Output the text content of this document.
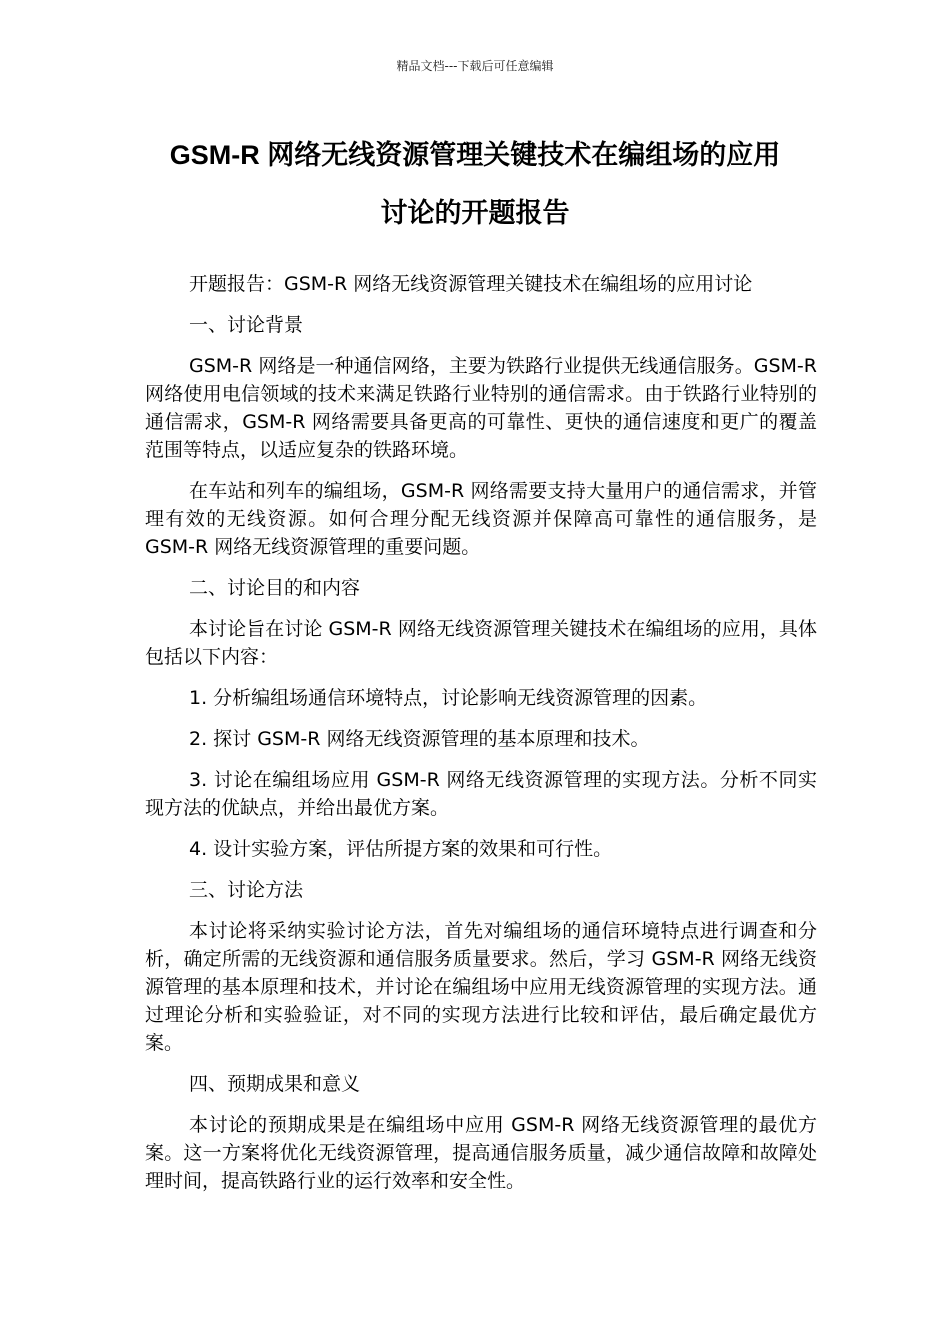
精品文档---下载后可任意编辑
GSM-R 网络无线资源管理关键技术在编组场的应用
讨论的开题报告

开题报告：GSM-R 网络无线资源管理关键技术在编组场的应用讨论

一、讨论背景

GSM-R 网络是一种通信网络，主要为铁路行业提供无线通信服务。GSM-R 网络使用电信领域的技术来满足铁路行业特别的通信需求。由于铁路行业特别的通信需求，GSM-R 网络需要具备更高的可靠性、更快的通信速度和更广的覆盖范围等特点，以适应复杂的铁路环境。

在车站和列车的编组场，GSM-R 网络需要支持大量用户的通信需求，并管理有效的无线资源。如何合理分配无线资源并保障高可靠性的通信服务，是 GSM-R 网络无线资源管理的重要问题。

二、讨论目的和内容

本讨论旨在讨论 GSM-R 网络无线资源管理关键技术在编组场的应用，具体包括以下内容：

1. 分析编组场通信环境特点，讨论影响无线资源管理的因素。

2. 探讨 GSM-R 网络无线资源管理的基本原理和技术。

3. 讨论在编组场应用 GSM-R 网络无线资源管理的实现方法。分析不同实现方法的优缺点，并给出最优方案。

4. 设计实验方案，评估所提方案的效果和可行性。

三、讨论方法

本讨论将采纳实验讨论方法，首先对编组场的通信环境特点进行调查和分析，确定所需的无线资源和通信服务质量要求。然后，学习 GSM-R 网络无线资源管理的基本原理和技术，并讨论在编组场中应用无线资源管理的实现方法。通过理论分析和实验验证，对不同的实现方法进行比较和评估，最后确定最优方案。

四、预期成果和意义

本讨论的预期成果是在编组场中应用 GSM-R 网络无线资源管理的最优方案。这一方案将优化无线资源管理，提高通信服务质量，减少通信故障和故障处理时间，提高铁路行业的运行效率和安全性。
